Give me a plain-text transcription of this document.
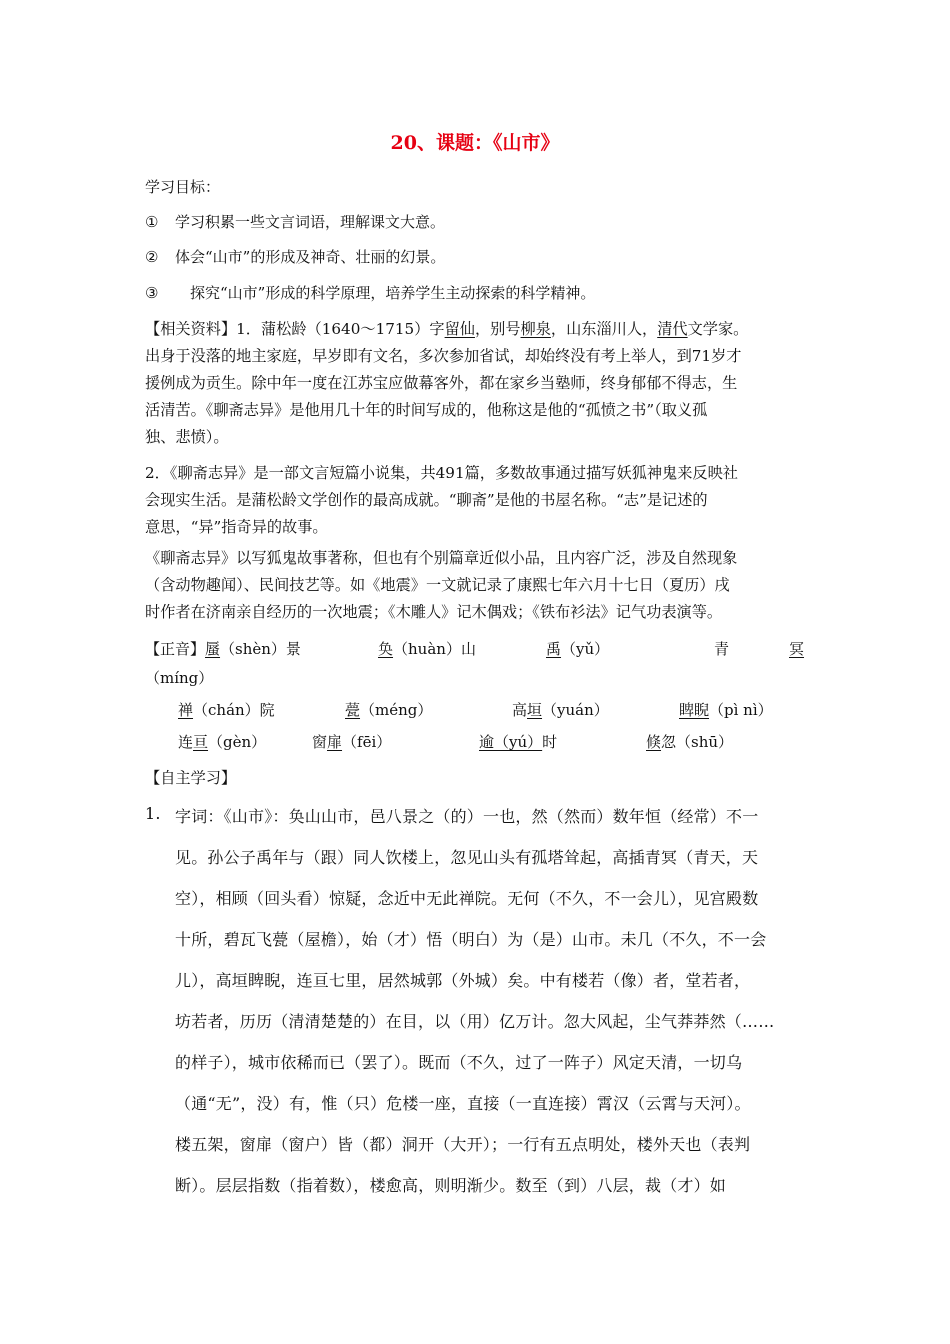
20、课题：《山市》
学习目标：
① 学习积累一些文言词语，理解课文大意。
② 体会“山市”的形成及神奇、壮丽的幻景。
③　探究“山市”形成的科学原理，培养学生主动探索的科学精神。
【相关资料】1．蒲松龄（1640～1715）字留仙，别号柳泉，山东淄川人，清代文学家。
出身于没落的地主家庭，早岁即有文名，多次参加省试，却始终没有考上举人，到71岁才
援例成为贡生。除中年一度在江苏宝应做幕客外，都在家乡当塾师，终身郁郁不得志，生
活清苦。《聊斋志异》是他用几十年的时间写成的，他称这是他的“孤愤之书”（取义孤
独、悲愤）。
2．《聊斋志异》是一部文言短篇小说集，共491篇，多数故事通过描写妖狐神鬼来反映社
会现实生活。是蒲松龄文学创作的最高成就。“聊斋”是他的书屋名称。“志”是记述的
意思，“异”指奇异的故事。
《聊斋志异》以写狐鬼故事著称，但也有个别篇章近似小品，且内容广泛，涉及自然现象
（含动物趣闻）、民间技艺等。如《地震》一文就记录了康熙七年六月十七日（夏历）戌
时作者在济南亲自经历的一次地震；《木雕人》记木偶戏；《铁布衫法》记气功表演等。
【正音】蜃（shèn）景	奂（huàn）山	禹（yǔ）	青	冥
（míng）
禅（chán）院	甍（méng）	高垣（yuán）	睥睨（pì nì）
连亘（gèn）	窗扉（fēi）	逾（yú）时	倏忽（shū）
【自主学习】
1. 字词：《山市》：奂山山市，邑八景之（的）一也，然（然而）数年恒（经常）不一
见。孙公子禹年与（跟）同人饮楼上，忽见山头有孤塔耸起，高插青冥（青天，天
空），相顾（回头看）惊疑，念近中无此禅院。无何（不久，不一会儿），见宫殿数
十所，碧瓦飞甍（屋檐），始（才）悟（明白）为（是）山市。未几（不久，不一会
儿），高垣睥睨，连亘七里，居然城郭（外城）矣。中有楼若（像）者，堂若者，
坊若者，历历（清清楚楚的）在目，以（用）亿万计。忽大风起，尘气莽莽然（……
的样子），城市依稀而已（罢了）。既而（不久，过了一阵子）风定天清，一切乌
（通“无”，没）有，惟（只）危楼一座，直接（一直连接）霄汉（云霄与天河）。
楼五架，窗扉（窗户）皆（都）洞开（大开）；一行有五点明处，楼外天也（表判
断）。层层指数（指着数），楼愈高，则明渐少。数至（到）八层，裁（才）如
